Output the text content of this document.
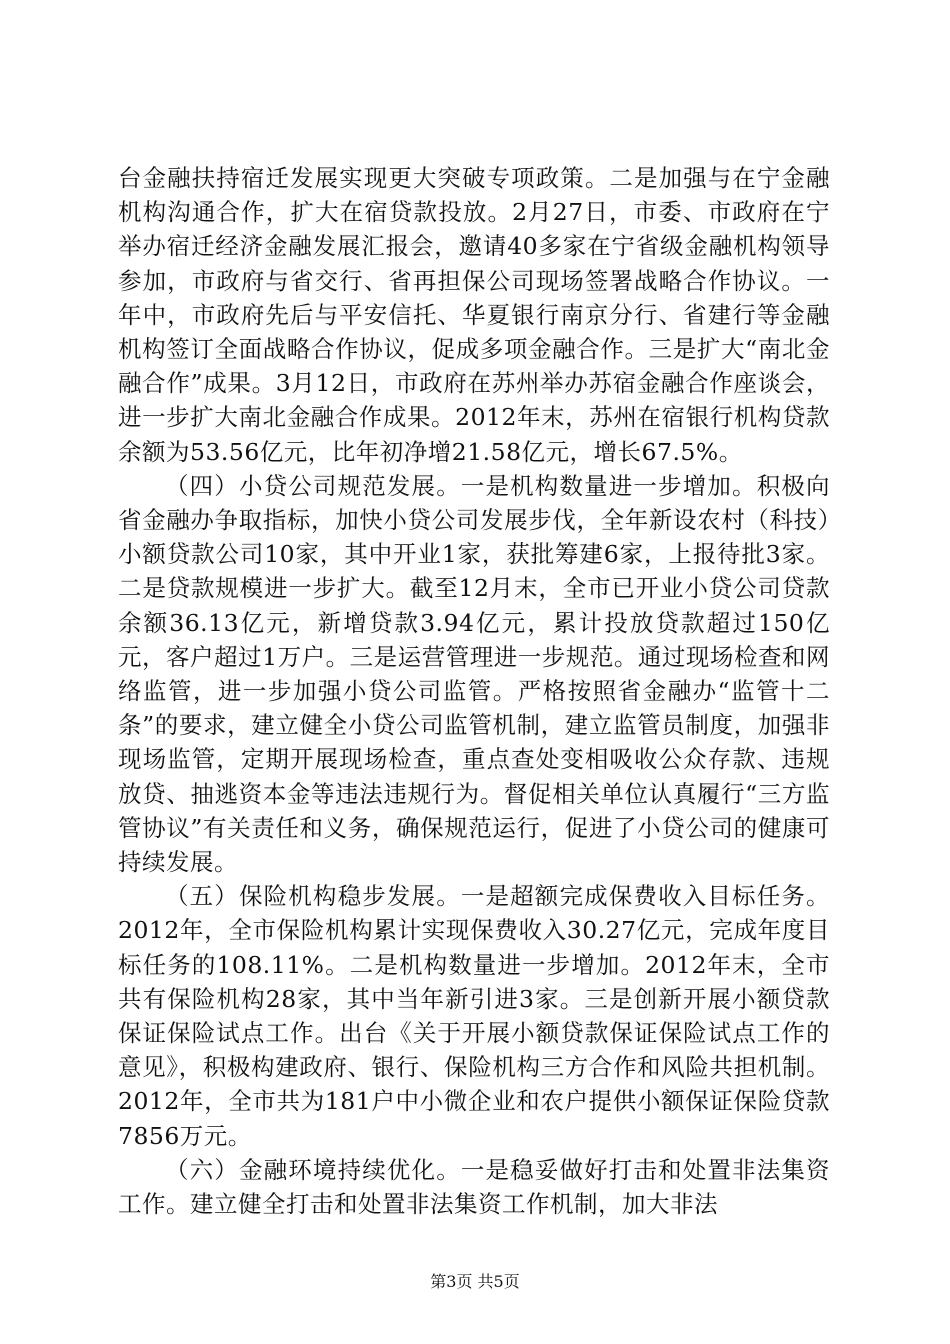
台金融扶持宿迁发展实现更大突破专项政策。二是加强与在宁金融机构沟通合作，扩大在宿贷款投放。2月27日，市委、市政府在宁举办宿迁经济金融发展汇报会，邀请40多家在宁省级金融机构领导参加，市政府与省交行、省再担保公司现场签署战略合作协议。一年中，市政府先后与平安信托、华夏银行南京分行、省建行等金融机构签订全面战略合作协议，促成多项金融合作。三是扩大“南北金融合作”成果。3月12日，市政府在苏州举办苏宿金融合作座谈会，进一步扩大南北金融合作成果。2012年末，苏州在宿银行机构贷款余额为53.56亿元，比年初净增21.58亿元，增长67.5%。

（四）小贷公司规范发展。一是机构数量进一步增加。积极向省金融办争取指标，加快小贷公司发展步伐，全年新设农村（科技）小额贷款公司10家，其中开业1家，获批筹建6家，上报待批3家。二是贷款规模进一步扩大。截至12月末，全市已开业小贷公司贷款余额36.13亿元，新增贷款3.94亿元，累计投放贷款超过150亿元，客户超过1万户。三是运营管理进一步规范。通过现场检查和网络监管，进一步加强小贷公司监管。严格按照省金融办“监管十二条”的要求，建立健全小贷公司监管机制，建立监管员制度，加强非现场监管，定期开展现场检查，重点查处变相吸收公众存款、违规放贷、抽逃资本金等违法违规行为。督促相关单位认真履行“三方监管协议”有关责任和义务，确保规范运行，促进了小贷公司的健康可持续发展。

（五）保险机构稳步发展。一是超额完成保费收入目标任务。2012年，全市保险机构累计实现保费收入30.27亿元，完成年度目标任务的108.11%。二是机构数量进一步增加。2012年末，全市共有保险机构28家，其中当年新引进3家。三是创新开展小额贷款保证保险试点工作。出台《关于开展小额贷款保证保险试点工作的意见》，积极构建政府、银行、保险机构三方合作和风险共担机制。2012年，全市共为181户中小微企业和农户提供小额保证保险贷款7856万元。

（六）金融环境持续优化。一是稳妥做好打击和处置非法集资工作。建立健全打击和处置非法集资工作机制，加大非法

第3页 共5页
